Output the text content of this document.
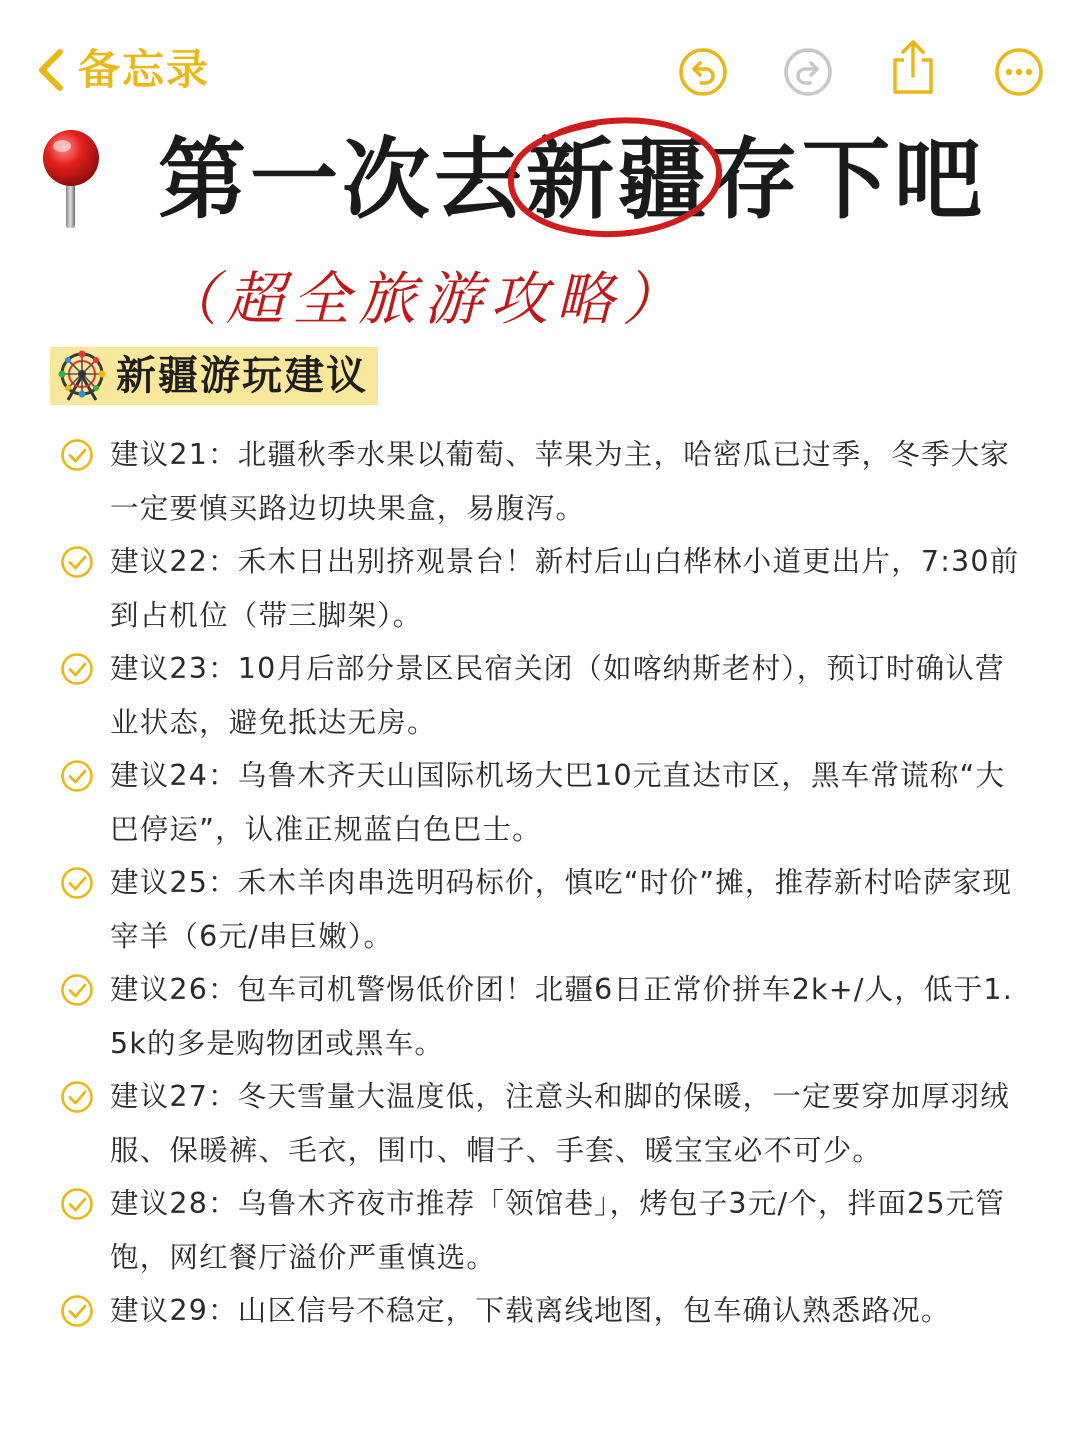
备忘录
第一次去新疆存下吧
（超全旅游攻略）
新疆游玩建议
建议21：北疆秋季水果以葡萄、苹果为主，哈密瓜已过季，冬季大家一定要慎买路边切块果盒，易腹泻。
建议22：禾木日出别挤观景台！新村后山白桦林小道更出片，7:30前到占机位（带三脚架）。
建议23：10月后部分景区民宿关闭（如喀纳斯老村），预订时确认营业状态，避免抵达无房。
建议24：乌鲁木齐天山国际机场大巴10元直达市区，黑车常谎称“大巴停运”，认准正规蓝白色巴士。
建议25：禾木羊肉串选明码标价，慎吃“时价”摊，推荐新村哈萨家现宰羊（6元/串巨嫩）。
建议26：包车司机警惕低价团！北疆6日正常价拼车2k+/人，低于1.5k的多是购物团或黑车。
建议27：冬天雪量大温度低，注意头和脚的保暖，一定要穿加厚羽绒服、保暖裤、毛衣，围巾、帽子、手套、暖宝宝必不可少。
建议28：乌鲁木齐夜市推荐「领馆巷」，烤包子3元/个，拌面25元管饱，网红餐厅溢价严重慎选。
建议29：山区信号不稳定，下载离线地图，包车确认熟悉路况。
